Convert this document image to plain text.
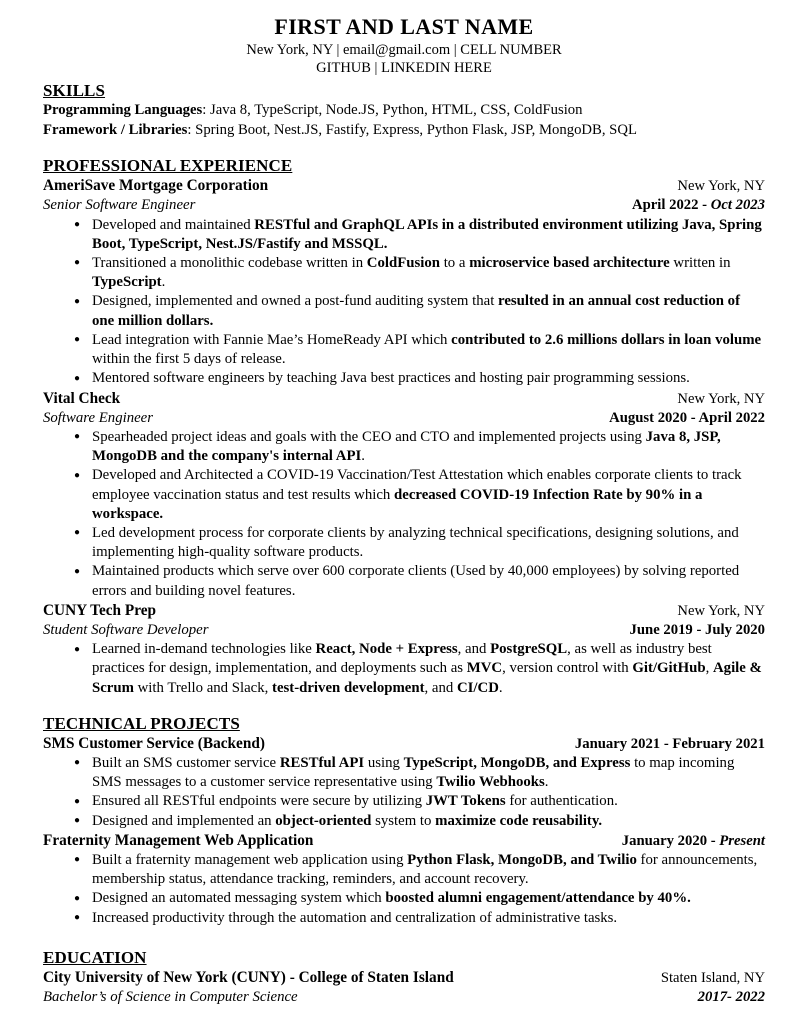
FIRST AND LAST NAME
New York, NY | email@gmail.com | CELL NUMBER
GITHUB | LINKEDIN HERE
SKILLS
Programming Languages: Java 8, TypeScript, Node.JS, Python, HTML, CSS, ColdFusion
Framework / Libraries: Spring Boot, Nest.JS, Fastify, Express, Python Flask, JSP, MongoDB, SQL
PROFESSIONAL EXPERIENCE
AmeriSave Mortgage Corporation	New York, NY
Senior Software Engineer	April 2022 - Oct 2023
● Developed and maintained RESTful and GraphQL APIs in a distributed environment utilizing Java, Spring Boot, TypeScript, Nest.JS/Fastify and MSSQL.
● Transitioned a monolithic codebase written in ColdFusion to a microservice based architecture written in TypeScript.
● Designed, implemented and owned a post-fund auditing system that resulted in an annual cost reduction of one million dollars.
● Lead integration with Fannie Mae’s HomeReady API which contributed to 2.6 millions dollars in loan volume within the first 5 days of release.
● Mentored software engineers by teaching Java best practices and hosting pair programming sessions.
Vital Check	New York, NY
Software Engineer	August 2020 - April 2022
● Spearheaded project ideas and goals with the CEO and CTO and implemented projects using Java 8, JSP, MongoDB and the company's internal API.
● Developed and Architected a COVID-19 Vaccination/Test Attestation which enables corporate clients to track employee vaccination status and test results which decreased COVID-19 Infection Rate by 90% in a workspace.
● Led development process for corporate clients by analyzing technical specifications, designing solutions, and implementing high-quality software products.
● Maintained products which serve over 600 corporate clients (Used by 40,000 employees) by solving reported errors and building novel features.
CUNY Tech Prep	New York, NY
Student Software Developer	June 2019 - July 2020
● Learned in-demand technologies like React, Node + Express, and PostgreSQL, as well as industry best practices for design, implementation, and deployments such as MVC, version control with Git/GitHub, Agile & Scrum with Trello and Slack, test-driven development, and CI/CD.
TECHNICAL PROJECTS
SMS Customer Service (Backend)	January 2021 - February 2021
● Built an SMS customer service RESTful API using TypeScript, MongoDB, and Express to map incoming SMS messages to a customer service representative using Twilio Webhooks.
● Ensured all RESTful endpoints were secure by utilizing JWT Tokens for authentication.
● Designed and implemented an object-oriented system to maximize code reusability.
Fraternity Management Web Application	January 2020 - Present
● Built a fraternity management web application using Python Flask, MongoDB, and Twilio for announcements, membership status, attendance tracking, reminders, and account recovery.
● Designed an automated messaging system which boosted alumni engagement/attendance by 40%.
● Increased productivity through the automation and centralization of administrative tasks.
EDUCATION
City University of New York (CUNY) - College of Staten Island	Staten Island, NY
Bachelor’s of Science in Computer Science	2017- 2022
